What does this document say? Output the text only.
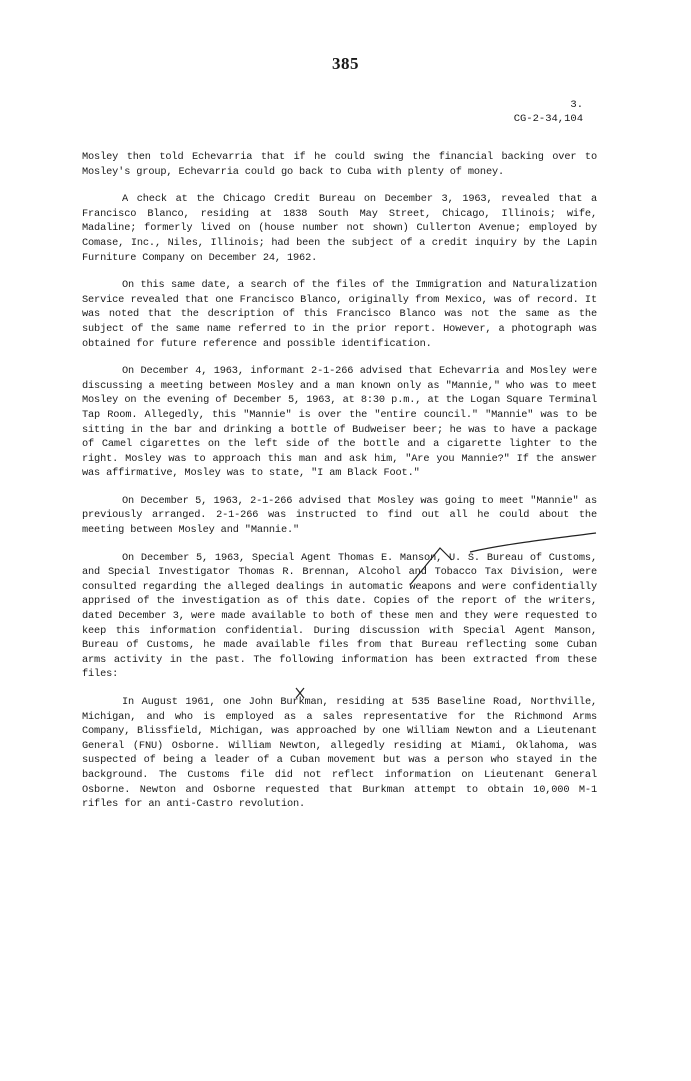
385
3.
CG-2-34,104

Mosley then told Echevarria that if he could swing the financial backing over to Mosley's group, Echevarria could go back to Cuba with plenty of money.

A check at the Chicago Credit Bureau on December 3, 1963, revealed that a Francisco Blanco, residing at 1838 South May Street, Chicago, Illinois; wife, Madaline; formerly lived on (house number not shown) Cullerton Avenue; employed by Comase, Inc., Niles, Illinois; had been the subject of a credit inquiry by the Lapin Furniture Company on December 24, 1962.

On this same date, a search of the files of the Immigration and Naturalization Service revealed that one Francisco Blanco, originally from Mexico, was of record. It was noted that the description of this Francisco Blanco was not the same as the subject of the same name referred to in the prior report. However, a photograph was obtained for future reference and possible identification.

On December 4, 1963, informant 2-1-266 advised that Echevarria and Mosley were discussing a meeting between Mosley and a man known only as "Mannie," who was to meet Mosley on the evening of December 5, 1963, at 8:30 p.m., at the Logan Square Terminal Tap Room. Allegedly, this "Mannie" is over the "entire council." "Mannie" was to be sitting in the bar and drinking a bottle of Budweiser beer; he was to have a package of Camel cigarettes on the left side of the bottle and a cigarette lighter to the right. Mosley was to approach this man and ask him, "Are you Mannie?" If the answer was affirmative, Mosley was to state, "I am Black Foot."

On December 5, 1963, 2-1-266 advised that Mosley was going to meet "Mannie" as previously arranged. 2-1-266 was instructed to find out all he could about the meeting between Mosley and "Mannie."

On December 5, 1963, Special Agent Thomas E. Manson, U. S. Bureau of Customs, and Special Investigator Thomas R. Brennan, Alcohol and Tobacco Tax Division, were consulted regarding the alleged dealings in automatic weapons and were confidentially apprised of the investigation as of this date. Copies of the report of the writers, dated December 3, were made available to both of these men and they were requested to keep this information confidential. During discussion with Special Agent Manson, Bureau of Customs, he made available files from that Bureau reflecting some Cuban arms activity in the past. The following information has been extracted from these files:

In August 1961, one John Burkman, residing at 535 Baseline Road, Northville, Michigan, and who is employed as a sales representative for the Richmond Arms Company, Blissfield, Michigan, was approached by one William Newton and a Lieutenant General (FNU) Osborne. William Newton, allegedly residing at Miami, Oklahoma, was suspected of being a leader of a Cuban movement but was a person who stayed in the background. The Customs file did not reflect information on Lieutenant General Osborne. Newton and Osborne requested that Burkman attempt to obtain 10,000 M-1 rifles for an anti-Castro revolution.
